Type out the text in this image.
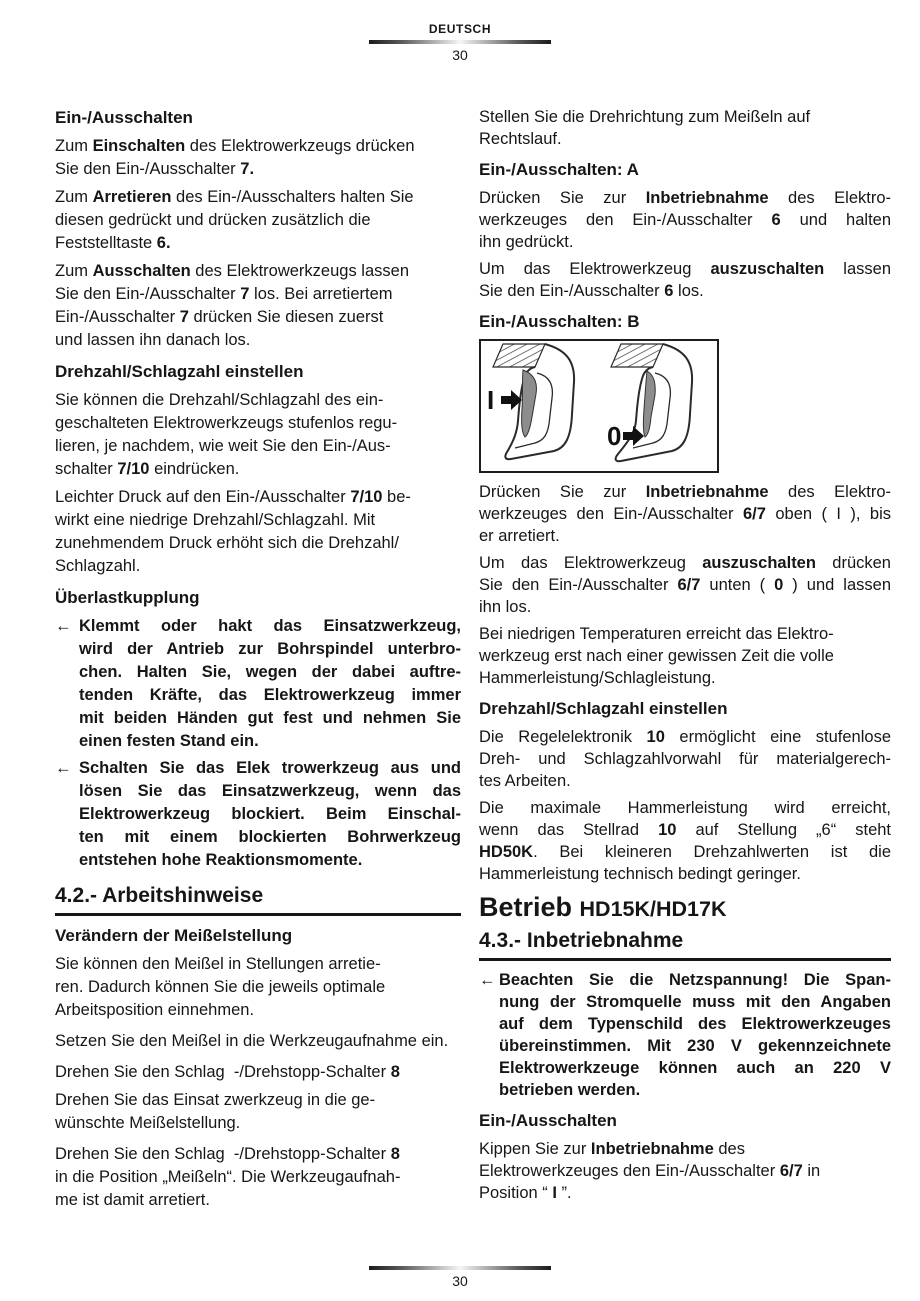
DEUTSCH
30
Ein-/Ausschalten
Zum Einschalten des Elektrowerkzeugs drücken
Sie den Ein-/Ausschalter 7.
Zum Arretieren des Ein-/Ausschalters halten Sie
diesen gedrückt und drücken zusätzlich die
Feststelltaste 6.
Zum Ausschalten des Elektrowerkzeugs lassen
Sie den Ein-/Ausschalter 7 los. Bei arretiertem
Ein-/Ausschalter 7 drücken Sie diesen zuerst
und lassen ihn danach los.
Drehzahl/Schlagzahl einstellen
Sie können die Drehzahl/Schlagzahl des ein-
geschalteten Elektrowerkzeugs stufenlos regu-
lieren, je nachdem, wie weit Sie den Ein-/Aus-
schalter 7/10 eindrücken.
Leichter Druck auf den Ein-/Ausschalter 7/10 be-
wirkt eine niedrige Drehzahl/Schlagzahl. Mit
zunehmendem Druck erhöht sich die Drehzahl/
Schlagzahl.
Überlastkupplung
← Klemmt oder hakt das Einsatzwerkzeug,
wird der Antrieb zur Bohrspindel unterbro-
chen. Halten Sie, wegen der dabei auftre-
tenden Kräfte, das Elektrowerkzeug immer
mit beiden Händen gut fest und nehmen Sie
einen festen Stand ein.
← Schalten Sie das Elek trowerkzeug aus und
lösen Sie das Einsatzwerkzeug, wenn das
Elektrowerkzeug blockiert. Beim Einschal-
ten mit einem blockierten Bohrwerkzeug
entstehen hohe Reaktionsmomente.
4.2.- Arbeitshinweise
Verändern der Meißelstellung
Sie können den Meißel in Stellungen arretie-
ren. Dadurch können Sie die jeweils optimale
Arbeitsposition einnehmen.
Setzen Sie den Meißel in die Werkzeugaufnahme ein.
Drehen Sie den Schlag  -/Drehstopp-Schalter 8
Drehen Sie das Einsat zwerkzeug in die ge-
wünschte Meißelstellung.
Drehen Sie den Schlag  -/Drehstopp-Schalter 8
in die Position „Meißeln“. Die Werkzeugaufnah-
me ist damit arretiert.
Stellen Sie die Drehrichtung zum Meißeln auf
Rechtslauf.
Ein-/Ausschalten: A
Drücken Sie zur Inbetriebnahme des Elektro-
werkzeuges den Ein-/Ausschalter 6 und halten
ihn gedrückt.
Um das Elektrowerkzeug auszuschalten lassen
Sie den Ein-/Ausschalter 6 los.
Ein-/Ausschalten: B
I
0
Drücken Sie zur Inbetriebnahme des Elektro-
werkzeuges den Ein-/Ausschalter 6/7 oben ( I ), bis
er arretiert.
Um das Elektrowerkzeug auszuschalten drücken
Sie den Ein-/Ausschalter 6/7 unten ( 0 ) und lassen
ihn los.
Bei niedrigen Temperaturen erreicht das Elektro-
werkzeug erst nach einer gewissen Zeit die volle
Hammerleistung/Schlagleistung.
Drehzahl/Schlagzahl einstellen
Die Regelelektronik 10 ermöglicht eine stufenlose
Dreh- und Schlagzahlvorwahl für materialgerech-
tes Arbeiten.
Die maximale Hammerleistung wird erreicht,
wenn das Stellrad 10 auf Stellung „6“ steht
HD50K. Bei kleineren Drehzahlwerten ist die
Hammerleistung technisch bedingt geringer.
Betrieb HD15K/HD17K
4.3.- Inbetriebnahme
← Beachten Sie die Netzspannung! Die Span-
nung der Stromquelle muss mit den Angaben
auf dem Typenschild des Elektrowerkzeuges
übereinstimmen. Mit 230 V gekennzeichnete
Elektrowerkzeuge können auch an 220 V
betrieben werden.
Ein-/Ausschalten
Kippen Sie zur Inbetriebnahme des
Elektrowerkzeuges den Ein-/Ausschalter 6/7 in
Position “ I ”.
30
